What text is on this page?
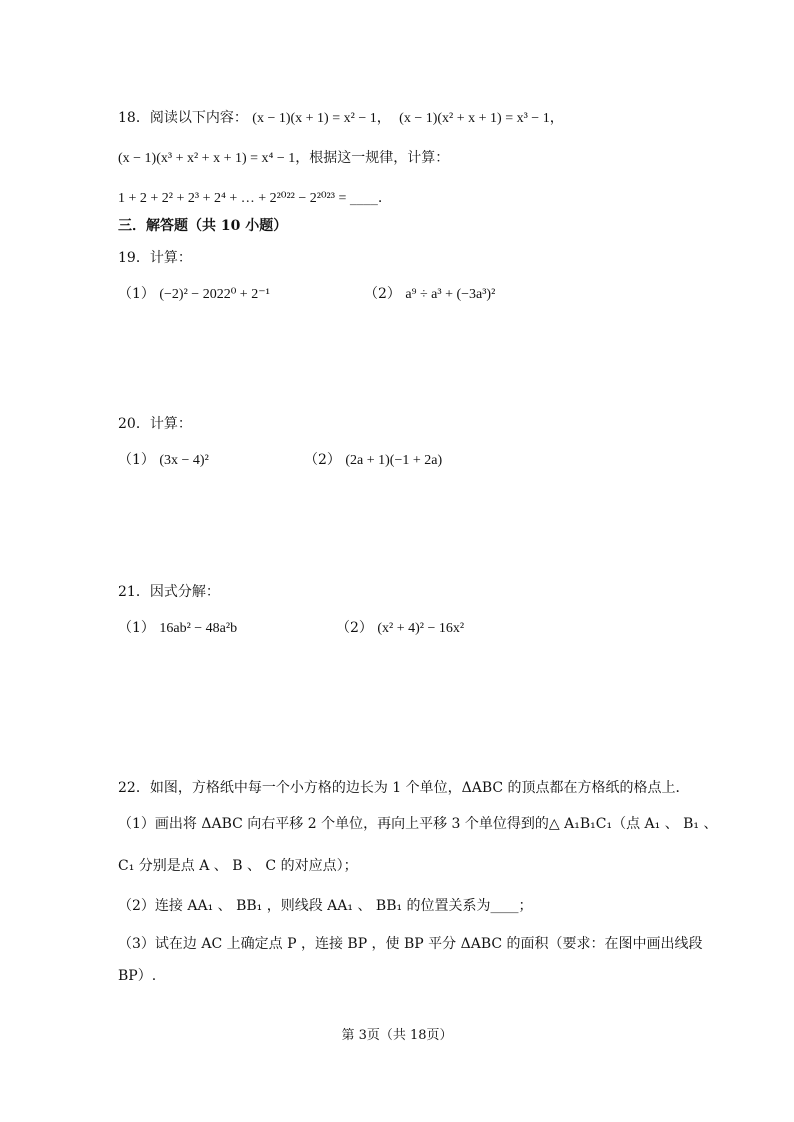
18．阅读以下内容： (x − 1)(x + 1) = x² − 1， (x − 1)(x² + x + 1) = x³ − 1，
(x − 1)(x³ + x² + x + 1) = x⁴ − 1，根据这一规律，计算：
1 + 2 + 2² + 2³ + 2⁴ + … + 2²⁰²² − 2²⁰²³ = ____.
三．解答题（共 10 小题）
19．计算：
（1） (−2)² − 2022⁰ + 2⁻¹	（2） a⁹ ÷ a³ + (−3a³)²
20．计算：
（1） (3x − 4)²	（2） (2a + 1)(−1 + 2a)
21．因式分解：
（1） 16ab² − 48a²b	（2） (x² + 4)² − 16x²
22．如图，方格纸中每一个小方格的边长为 1 个单位，ΔABC 的顶点都在方格纸的格点上．
（1）画出将 ΔABC 向右平移 2 个单位，再向上平移 3 个单位得到的△ A₁B₁C₁（点 A₁ 、 B₁ 、
C₁ 分别是点 A 、 B 、 C 的对应点）；
（2）连接 AA₁ 、 BB₁ ，则线段 AA₁ 、 BB₁ 的位置关系为____；
（3）试在边 AC 上确定点 P ，连接 BP ，使 BP 平分 ΔABC 的面积（要求：在图中画出线段
BP）.
第 3页（共 18页）
